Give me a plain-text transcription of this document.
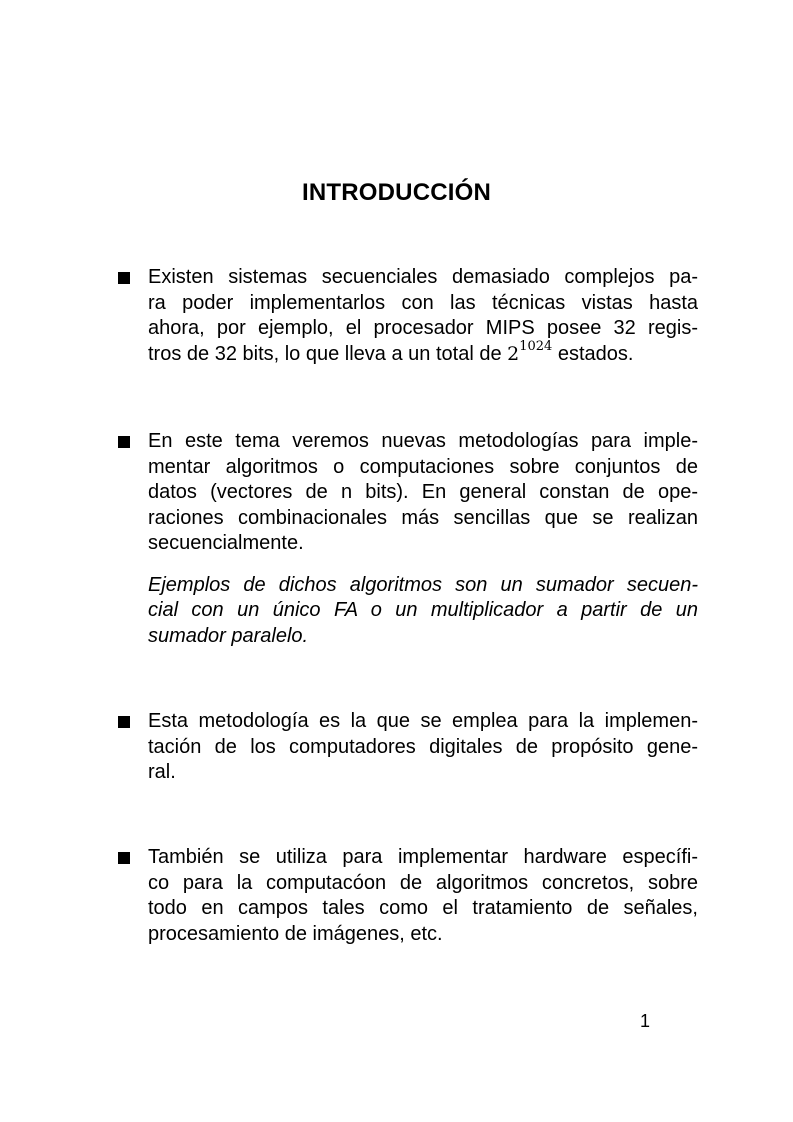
INTRODUCCIÓN

Existen sistemas secuenciales demasiado complejos pa-
ra poder implementarlos con las técnicas vistas hasta
ahora, por ejemplo, el procesador MIPS posee 32 regis-
tros de 32 bits, lo que lleva a un total de $2^{1024}$ estados.

En este tema veremos nuevas metodologías para imple-
mentar algoritmos o computaciones sobre conjuntos de
datos (vectores de n bits). En general constan de ope-
raciones combinacionales más sencillas que se realizan
secuencialmente.

Ejemplos de dichos algoritmos son un sumador secuen-
cial con un único FA o un multiplicador a partir de un
sumador paralelo.

Esta metodología es la que se emplea para la implemen-
tación de los computadores digitales de propósito gene-
ral.

También se utiliza para implementar hardware específi-
co para la computacóon de algoritmos concretos, sobre
todo en campos tales como el tratamiento de señales,
procesamiento de imágenes, etc.

1
